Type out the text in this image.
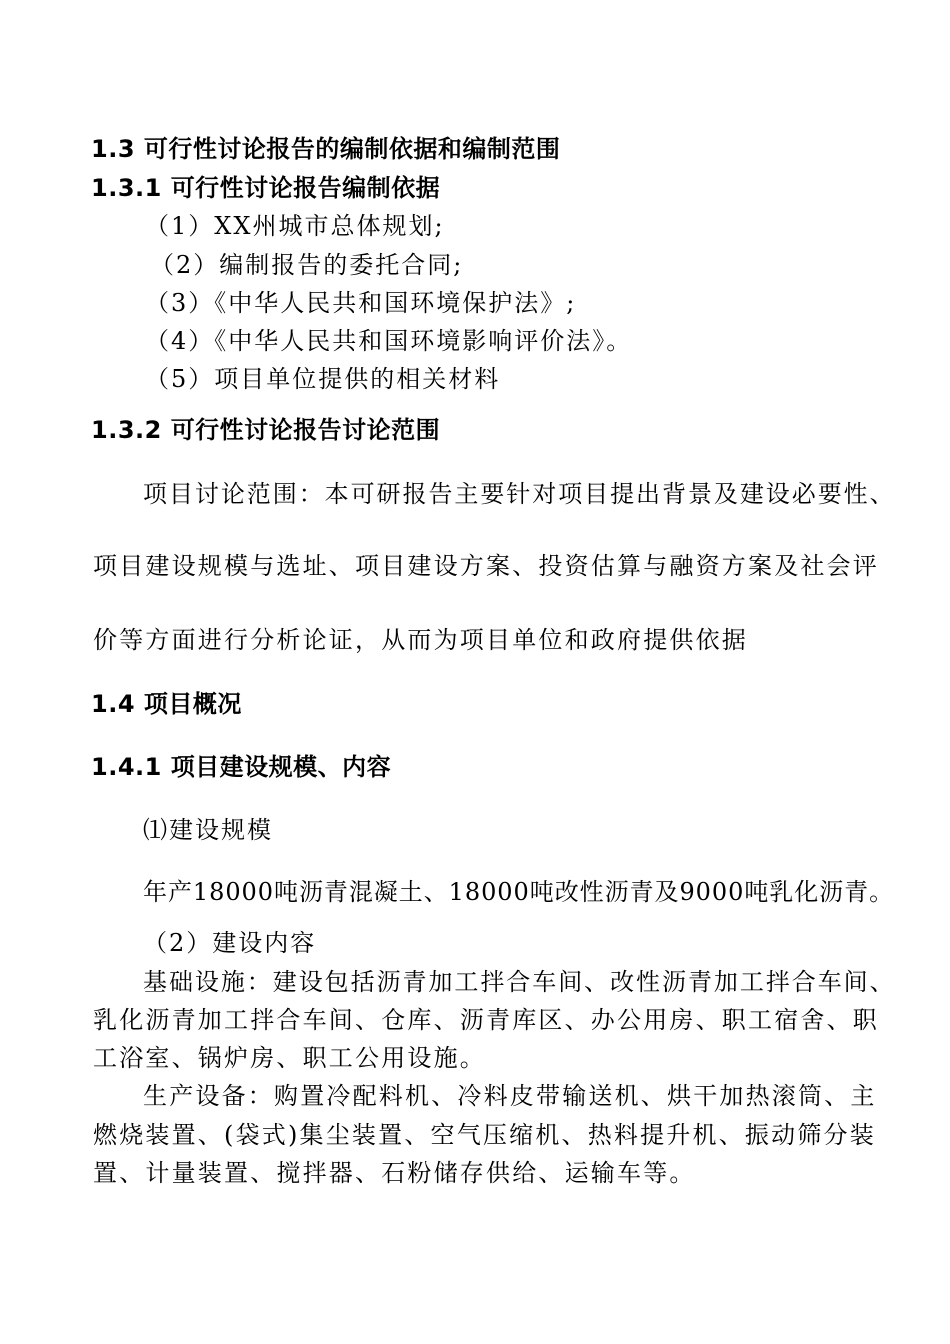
1.3 可行性讨论报告的编制依据和编制范围
1.3.1 可行性讨论报告编制依据
（1）XX州城市总体规划;
（2）编制报告的委托合同;
（3）《中华人民共和国环境保护法》;
（4）《中华人民共和国环境影响评价法》。
（5）项目单位提供的相关材料
1.3.2 可行性讨论报告讨论范围
项目讨论范围：本可研报告主要针对项目提出背景及建设必要性、
项目建设规模与选址、项目建设方案、投资估算与融资方案及社会评
价等方面进行分析论证，从而为项目单位和政府提供依据
1.4 项目概况
1.4.1 项目建设规模、内容
⑴建设规模
年产18000吨沥青混凝土、18000吨改性沥青及9000吨乳化沥青。
（2）建设内容
基础设施：建设包括沥青加工拌合车间、改性沥青加工拌合车间、
乳化沥青加工拌合车间、仓库、沥青库区、办公用房、职工宿舍、职
工浴室、锅炉房、职工公用设施。
生产设备：购置冷配料机、冷料皮带输送机、烘干加热滚筒、主
燃烧装置、(袋式)集尘装置、空气压缩机、热料提升机、振动筛分装
置、计量装置、搅拌器、石粉储存供给、运输车等。
